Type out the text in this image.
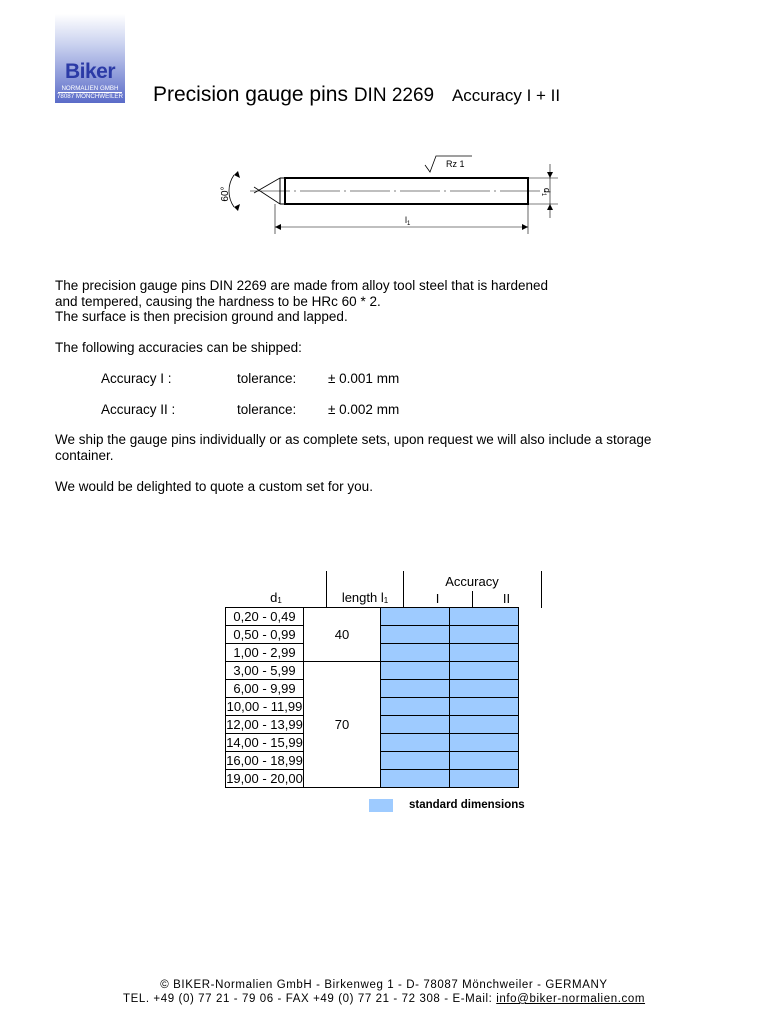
Biker
NORMALIEN GMBH
78087 MÖNCHWEILER Precision gauge pins DIN 2269 Accuracy I + II
60°
Rz 1
$d_1$
$l_1$
The precision gauge pins DIN 2269 are made from alloy tool steel that is hardened
and tempered, causing the hardness to be HRc 60 * 2.
The surface is then precision ground and lapped.
The following accuracies can be shipped:
Accuracy I :	tolerance: ± 0.001 mm
Accuracy II :	tolerance: ± 0.002 mm
We ship the gauge pins individually or as complete sets, upon request we will also include a storage
container.
We would be delighted to quote a custom set for you.
Accuracy
$d_1$	length $l_1$	I	II
0,20 - 0,49	40		
0,50 - 0,99			
1,00 - 2,99			
3,00 - 5,99	70		
6,00 - 9,99			
10,00 - 11,99			
12,00 - 13,99			
14,00 - 15,99			
16,00 - 18,99			
19,00 - 20,00			
standard dimensions
© BIKER-Normalien GmbH - Birkenweg 1 - D- 78087 Mönchweiler - GERMANY
TEL. +49 (0) 77 21 - 79 06 - FAX +49 (0) 77 21 - 72 308 - E-Mail: info@biker-normalien.com
